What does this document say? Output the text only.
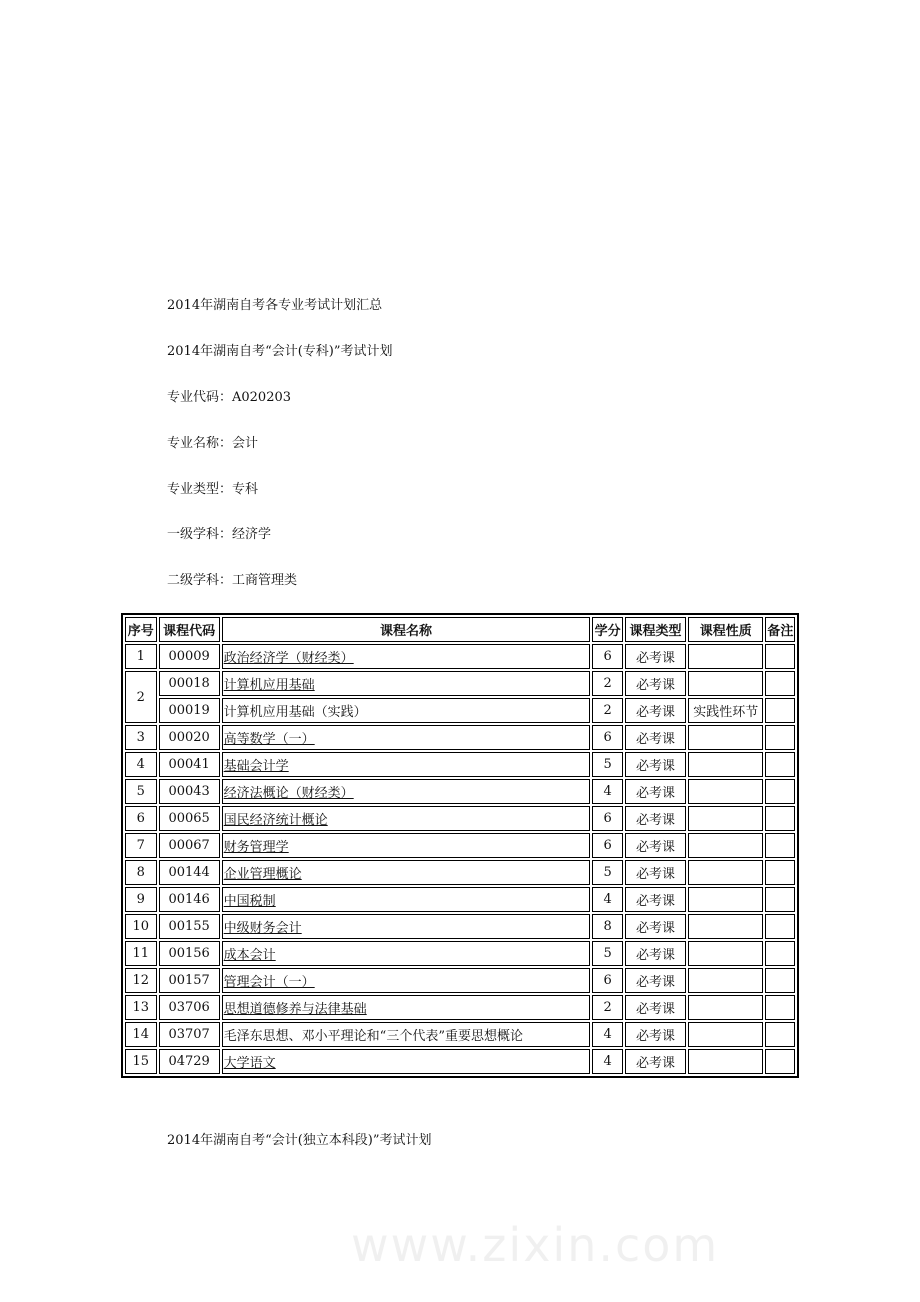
2014年湖南自考各专业考试计划汇总

2014年湖南自考“会计(专科)”考试计划

专业代码：A020203

专业名称：会计

专业类型：专科

一级学科：经济学

二级学科：工商管理类

www.zixin.com
序号	课程代码	课程名称	学分	课程类型	课程性质	备注
1	00009	政治经济学（财经类）	6	必考课		
2	00018	计算机应用基础	2	必考课		
	00019	计算机应用基础（实践）	2	必考课	实践性环节	
3	00020	高等数学（一）	6	必考课		
4	00041	基础会计学	5	必考课		
5	00043	经济法概论（财经类）	4	必考课		
6	00065	国民经济统计概论	6	必考课		
7	00067	财务管理学	6	必考课		
8	00144	企业管理概论	5	必考课		
9	00146	中国税制	4	必考课		
10	00155	中级财务会计	8	必考课		
11	00156	成本会计	5	必考课		
12	00157	管理会计（一）	6	必考课		
13	03706	思想道德修养与法律基础	2	必考课		
14	03707	毛泽东思想、邓小平理论和“三个代表”重要思想概论	4	必考课		
15	04729	大学语文	4	必考课		

2014年湖南自考“会计(独立本科段)”考试计划
